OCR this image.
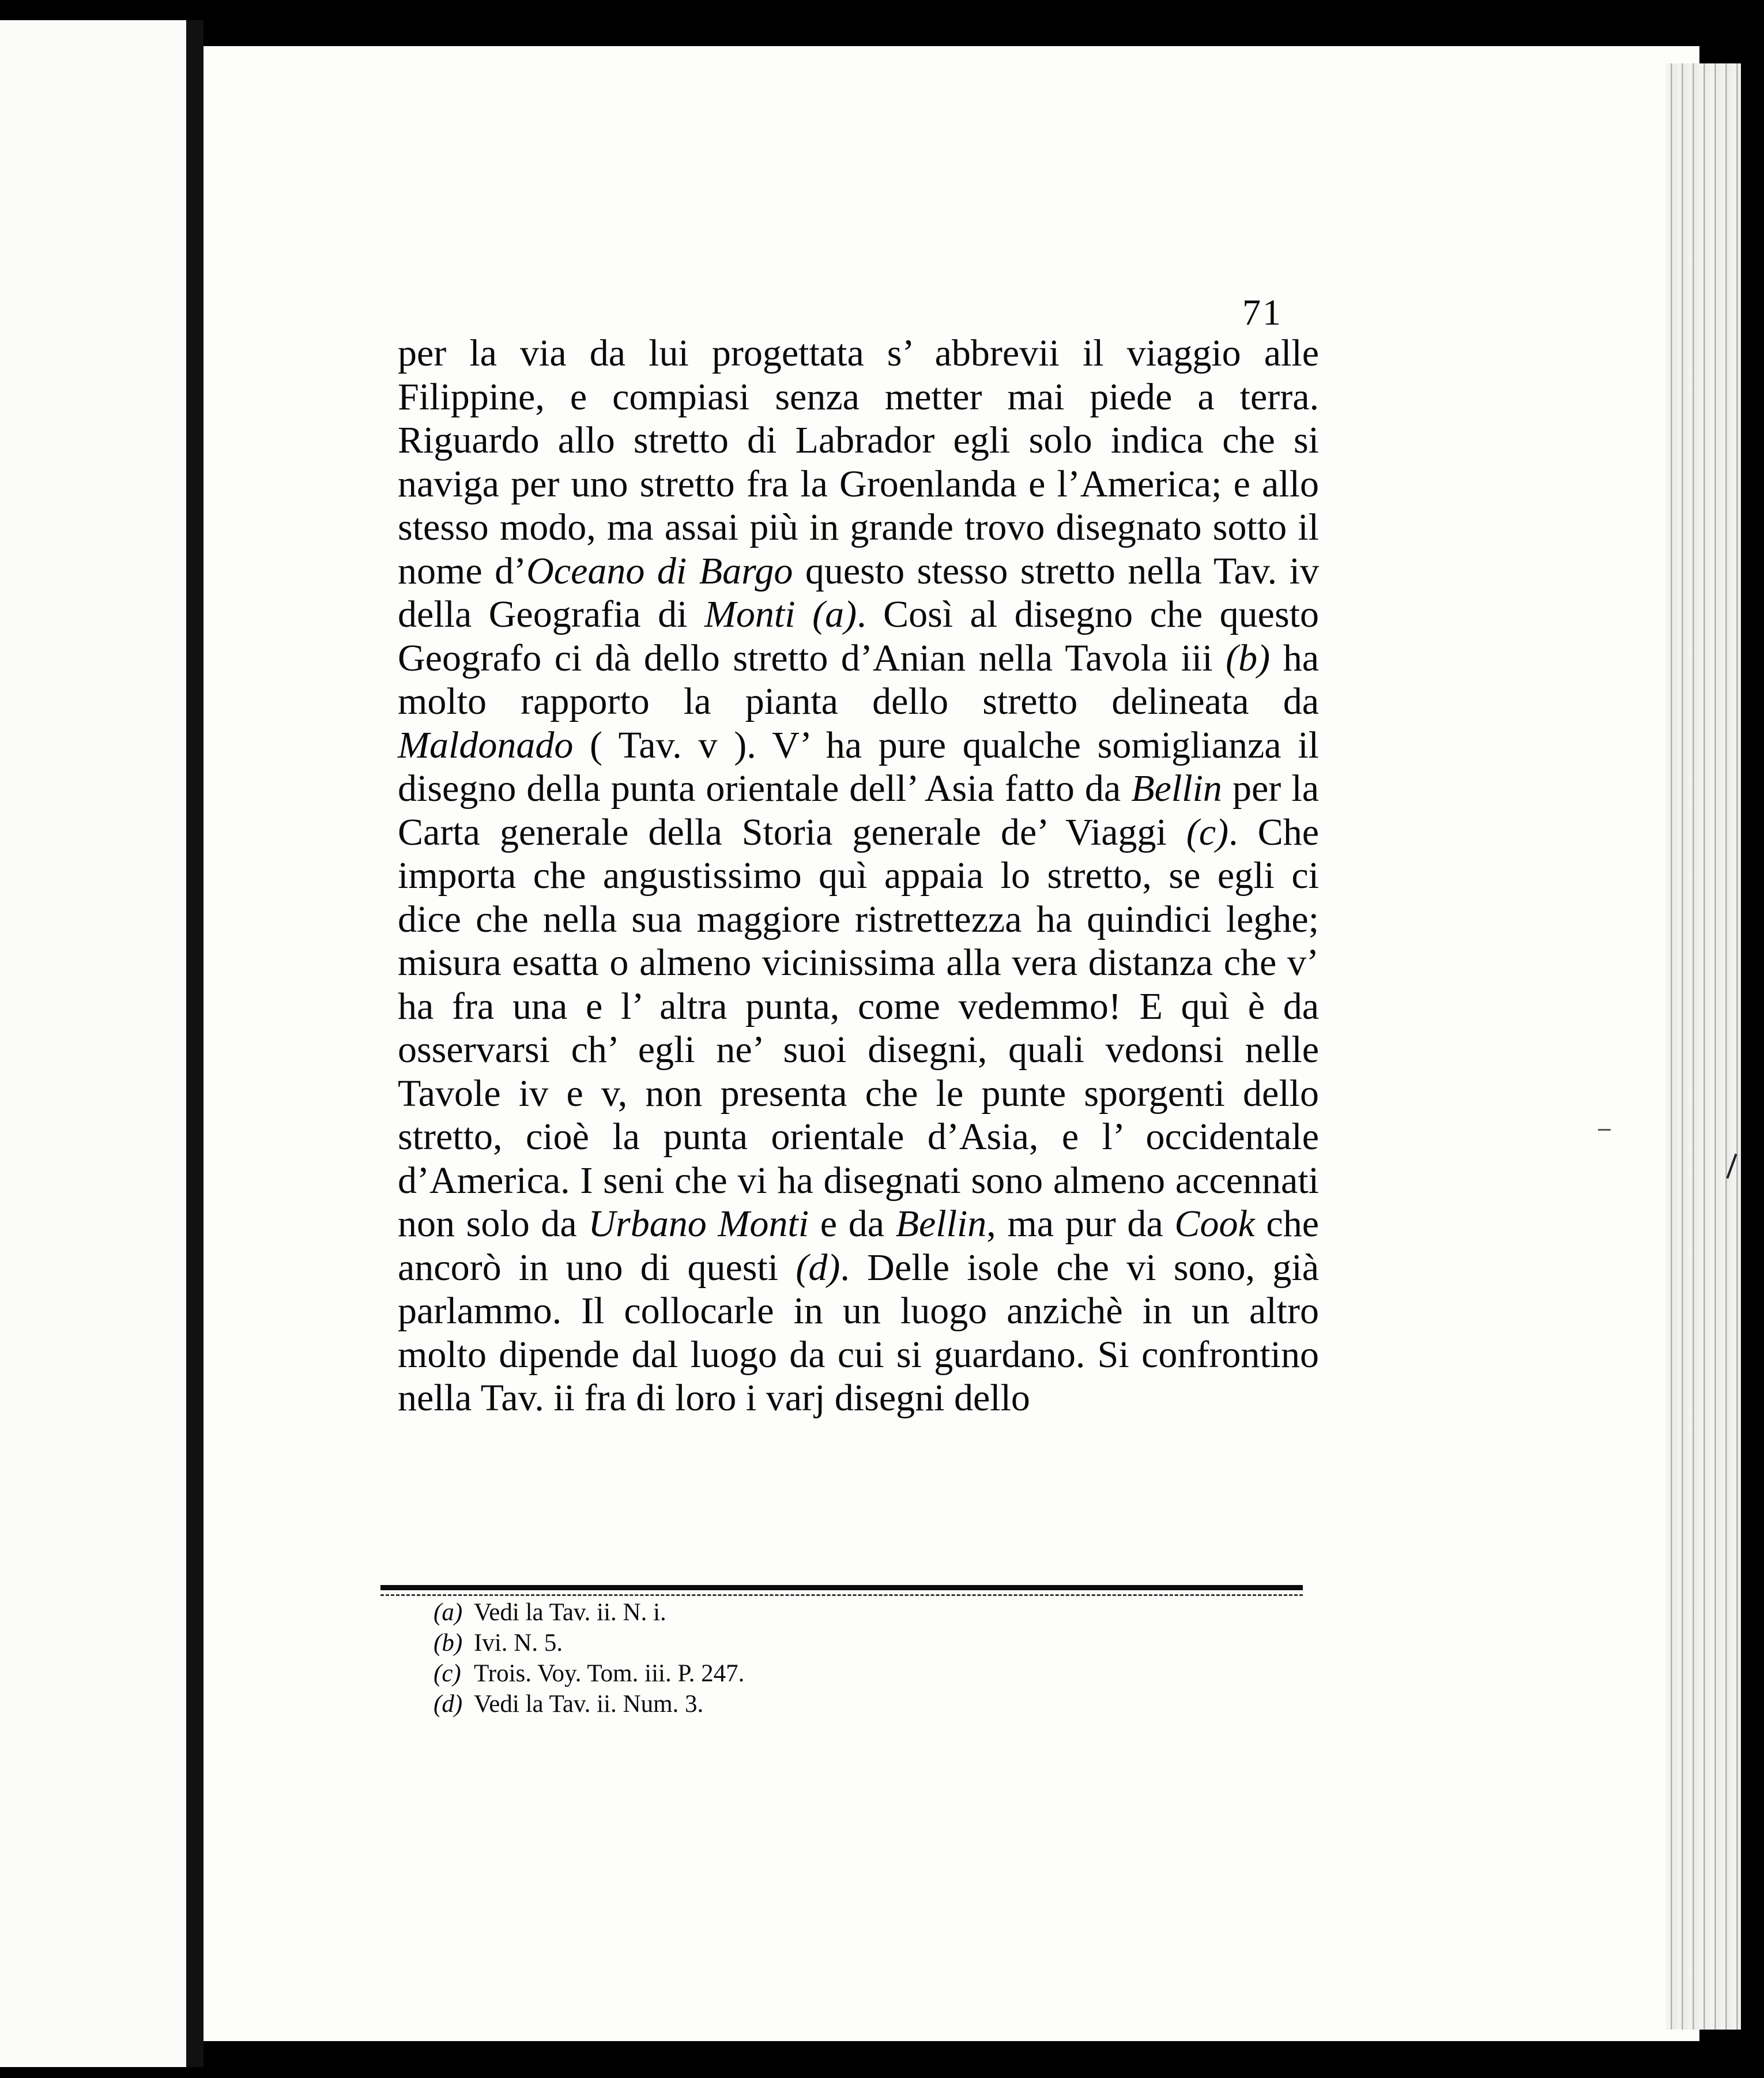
71

per la via da lui progettata s’ abbrevii il viaggio alle Filippine, e compiasi senza metter mai piede a terra. Riguardo allo stretto di Labrador egli solo indica che si naviga per uno stretto fra la Groenlanda e l’America; e allo stesso modo, ma assai più in grande trovo disegnato sotto il nome d’Oceano di Bargo questo stesso stretto nella Tav. iv della Geografia di Monti (a). Così al disegno che questo Geografo ci dà dello stretto d’Anian nella Tavola iii (b) ha molto rapporto la pianta dello stretto delineata da Maldonado ( Tav. v ). V’ ha pure qualche somiglianza il disegno della punta orientale dell’ Asia fatto da Bellin per la Carta generale della Storia generale de’ Viaggi (c). Che importa che angustissimo quì appaia lo stretto, se egli ci dice che nella sua maggiore ristrettezza ha quindici leghe; misura esatta o almeno vicinissima alla vera distanza che v’ ha fra una e l’ altra punta, come vedemmo! E quì è da osservarsi ch’ egli ne’ suoi disegni, quali vedonsi nelle Tavole iv e v, non presenta che le punte sporgenti dello stretto, cioè la punta orientale d’Asia, e l’ occidentale d’America. I seni che vi ha disegnati sono almeno accennati non solo da Urbano Monti e da Bellin, ma pur da Cook che ancorò in uno di questi (d). Delle isole che vi sono, già parlammo. Il collocarle in un luogo anzichè in un altro molto dipende dal luogo da cui si guardano. Si confrontino nella Tav. ii fra di loro i varj disegni dello

(a) Vedi la Tav. ii. N. i.
(b) Ivi. N. 5.
(c) Trois. Voy. Tom. iii. P. 247.
(d) Vedi la Tav. ii. Num. 3.
